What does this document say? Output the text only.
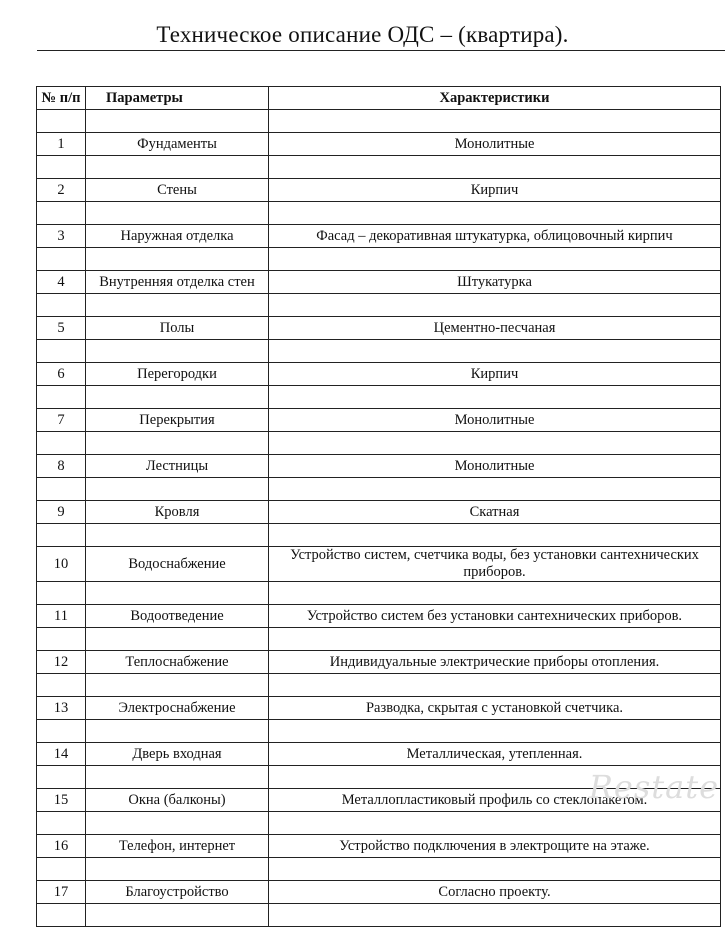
Техническое описание ОДС – (квартира).
№ п/п	Параметры	Характеристики

1	Фундаменты	Монолитные

2	Стены	Кирпич

3	Наружная отделка	Фасад – декоративная штукатурка, облицовочный кирпич

4	Внутренняя отделка стен	Штукатурка

5	Полы	Цементно-песчаная

6	Перегородки	Кирпич

7	Перекрытия	Монолитные

8	Лестницы	Монолитные

9	Кровля	Скатная

10	Водоснабжение	Устройство систем, счетчика воды, без установки сантехнических приборов.

11	Водоотведение	Устройство систем без установки сантехнических приборов.

12	Теплоснабжение	Индивидуальные электрические приборы отопления.

13	Электроснабжение	Разводка, скрытая с установкой счетчика.

14	Дверь входная	Металлическая, утепленная.

15	Окна (балконы)	Металлопластиковый профиль со стеклопакетом.

16	Телефон, интернет	Устройство подключения в электрощите на этаже.

17	Благоустройство	Согласно проекту.

Restate
